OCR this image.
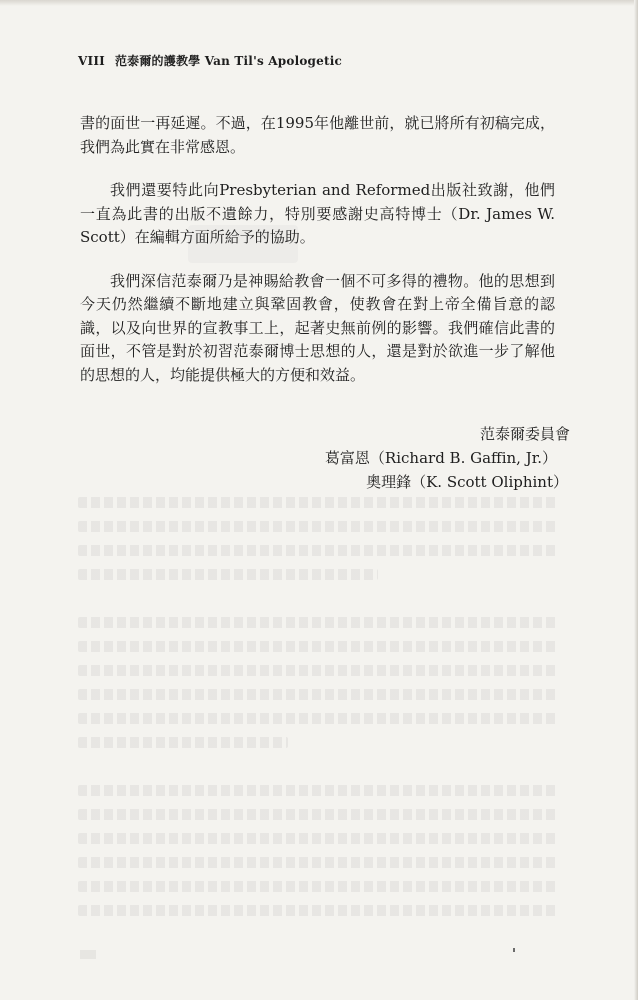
VIII 范泰爾的護教學 Van Til's Apologetic

書的面世一再延遲。不過，在1995年他離世前，就已將所有初稿完成，我們為此實在非常感恩。

我們還要特此向Presbyterian and Reformed出版社致謝，他們一直為此書的出版不遺餘力，特別要感謝史高特博士（Dr. James W. Scott）在編輯方面所給予的協助。

我們深信范泰爾乃是神賜給教會一個不可多得的禮物。他的思想到今天仍然繼續不斷地建立與鞏固教會，使教會在對上帝全備旨意的認識，以及向世界的宣教事工上，起著史無前例的影響。我們確信此書的面世，不管是對於初習范泰爾博士思想的人，還是對於欲進一步了解他的思想的人，均能提供極大的方便和效益。

范泰爾委員會
葛富恩（Richard B. Gaffin, Jr.）
奧理鋒（K. Scott Oliphint）
